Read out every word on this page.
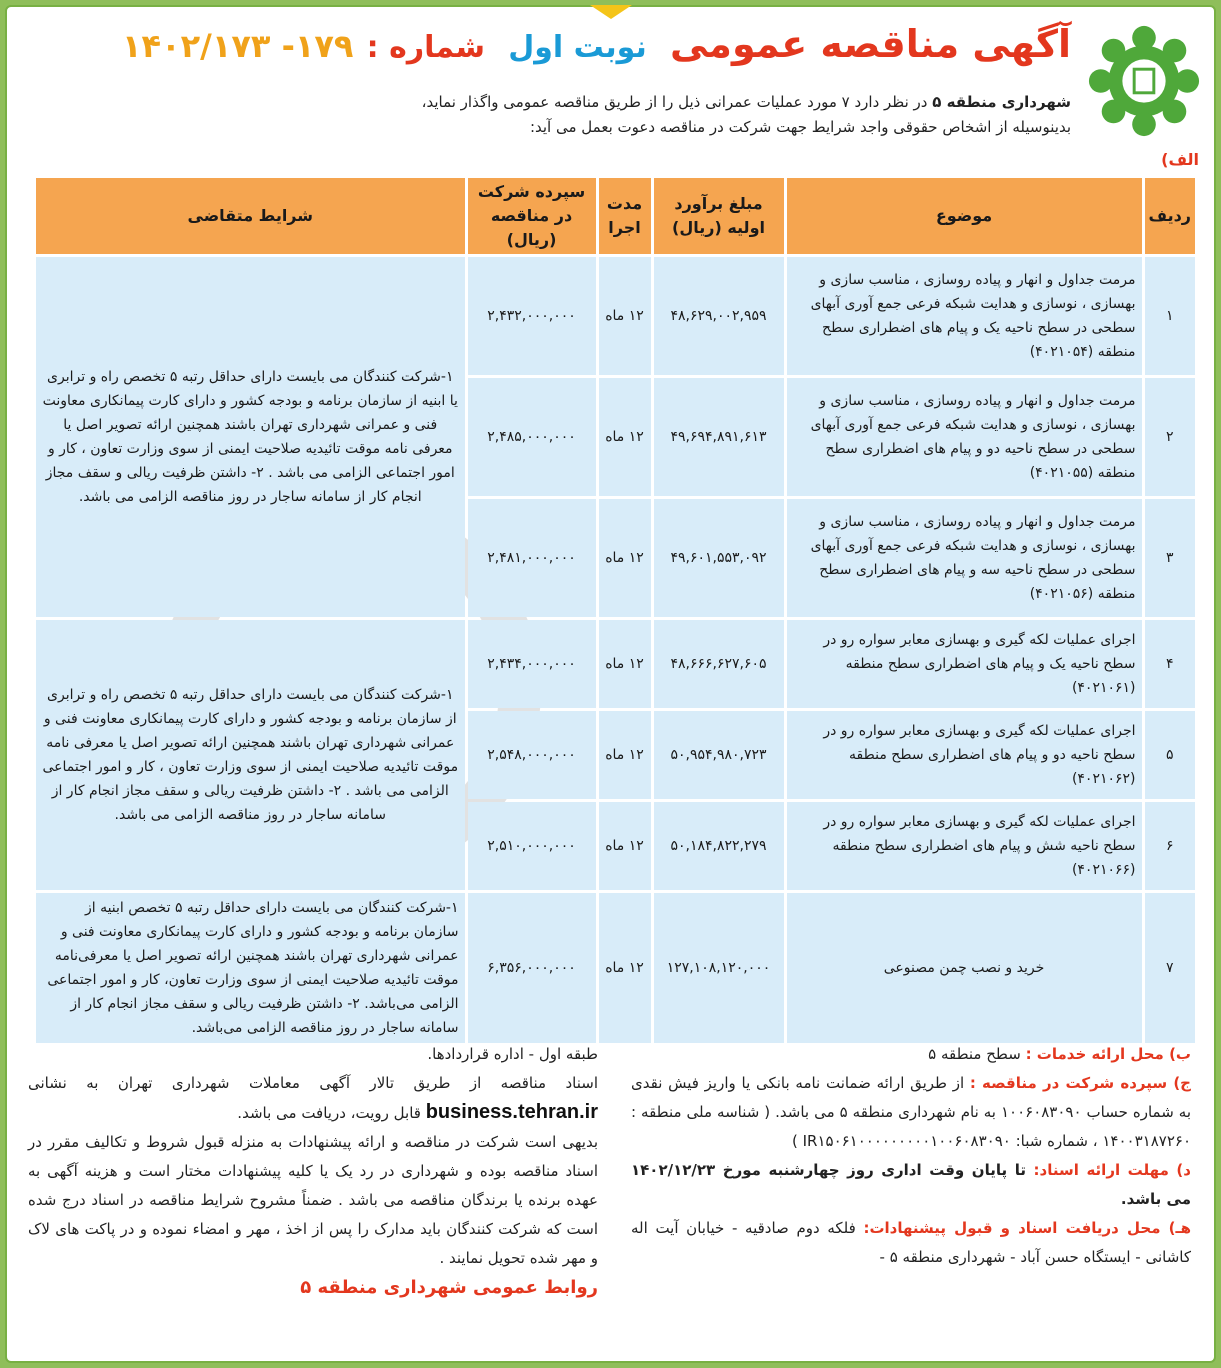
آگهی مناقصه عمومی نوبت اول شماره : ۱۷۹- ۱۴۰۲/۱۷۳
شهرداری منطقه ۵ در نظر دارد ۷ مورد عملیات عمرانی ذیل را از طریق مناقصه عمومی واگذار نماید،
بدینوسیله از اشخاص حقوقی واجد شرایط جهت شرکت در مناقصه دعوت بعمل می آید:
الف)
ردیف	موضوع	مبلغ برآورد اولیه (ریال)	مدت اجرا	سپرده شرکت در مناقصه (ریال)	شرایط متقاضی
۱	مرمت جداول و انهار و پیاده روسازی ، مناسب سازی و بهسازی ، نوسازی و هدایت شبکه فرعی جمع آوری آبهای سطحی در سطح ناحیه یک و پیام های اضطراری سطح منطقه (۴۰۲۱۰۵۴)	۴۸,۶۲۹,۰۰۲,۹۵۹	۱۲ ماه	۲,۴۳۲,۰۰۰,۰۰۰	۱-شرکت کنندگان می بایست دارای حداقل رتبه ۵ تخصص راه و ترابری یا ابنیه از سازمان برنامه و بودجه کشور و دارای کارت پیمانکاری معاونت فنی و عمرانی شهرداری تهران باشند همچنین ارائه تصویر اصل یا معرفی نامه موقت تائیدیه صلاحیت ایمنی از سوی وزارت تعاون ، کار و امور اجتماعی الزامی می باشد . ۲- داشتن ظرفیت ریالی و سقف مجاز انجام کار از سامانه ساجار در روز مناقصه الزامی می باشد.
۲	مرمت جداول و انهار و پیاده روسازی ، مناسب سازی و بهسازی ، نوسازی و هدایت شبکه فرعی جمع آوری آبهای سطحی در سطح ناحیه دو و پیام های اضطراری سطح منطقه (۴۰۲۱۰۵۵)	۴۹,۶۹۴,۸۹۱,۶۱۳	۱۲ ماه	۲,۴۸۵,۰۰۰,۰۰۰	
۳	مرمت جداول و انهار و پیاده روسازی ، مناسب سازی و بهسازی ، نوسازی و هدایت شبکه فرعی جمع آوری آبهای سطحی در سطح ناحیه سه و پیام های اضطراری سطح منطقه (۴۰۲۱۰۵۶)	۴۹,۶۰۱,۵۵۳,۰۹۲	۱۲ ماه	۲,۴۸۱,۰۰۰,۰۰۰	
۴	اجرای عملیات لکه گیری و بهسازی معابر سواره رو در سطح ناحیه یک و پیام های اضطراری سطح منطقه (۴۰۲۱۰۶۱)	۴۸,۶۶۶,۶۲۷,۶۰۵	۱۲ ماه	۲,۴۳۴,۰۰۰,۰۰۰	۱-شرکت کنندگان می بایست دارای حداقل رتبه ۵ تخصص راه و ترابری از سازمان برنامه و بودجه کشور و دارای کارت پیمانکاری معاونت فنی و عمرانی شهرداری تهران باشند همچنین ارائه تصویر اصل یا معرفی نامه موقت تائیدیه صلاحیت ایمنی از سوی وزارت تعاون ، کار و امور اجتماعی الزامی می باشد . ۲- داشتن ظرفیت ریالی و سقف مجاز انجام کار از سامانه ساجار در روز مناقصه الزامی می باشد.
۵	اجرای عملیات لکه گیری و بهسازی معابر سواره رو در سطح ناحیه دو و پیام های اضطراری سطح منطقه (۴۰۲۱۰۶۲)	۵۰,۹۵۴,۹۸۰,۷۲۳	۱۲ ماه	۲,۵۴۸,۰۰۰,۰۰۰	
۶	اجرای عملیات لکه گیری و بهسازی معابر سواره رو در سطح ناحیه شش و پیام های اضطراری سطح منطقه (۴۰۲۱۰۶۶)	۵۰,۱۸۴,۸۲۲,۲۷۹	۱۲ ماه	۲,۵۱۰,۰۰۰,۰۰۰	
۷	خرید و نصب چمن مصنوعی	۱۲۷,۱۰۸,۱۲۰,۰۰۰	۱۲ ماه	۶,۳۵۶,۰۰۰,۰۰۰	۱-شرکت کنندگان می بایست دارای حداقل رتبه ۵ تخصص ابنیه از سازمان برنامه و بودجه کشور و دارای کارت پیمانکاری معاونت فنی و عمرانی شهرداری تهران باشند همچنین ارائه تصویر اصل یا معرفی‌نامه موقت تائیدیه صلاحیت ایمنی از سوی وزارت تعاون، کار و امور اجتماعی الزامی می‌باشد. ۲- داشتن ظرفیت ریالی و سقف مجاز انجام کار از سامانه ساجار در روز مناقصه الزامی می‌باشد.
ب) محل ارائه خدمات : سطح منطقه ۵
ج) سپرده شرکت در مناقصه : از طریق ارائه ضمانت نامه بانکی یا واریز فیش نقدی به شماره حساب ۱۰۰۶۰۸۳۰۹۰ به نام شهرداری منطقه ۵ می باشد. ( شناسه ملی منطقه : ۱۴۰۰۳۱۸۷۲۶۰ ، شماره شبا: IR۱۵۰۶۱۰۰۰۰۰۰۰۰۰۱۰۰۶۰۸۳۰۹۰ )
د) مهلت ارائه اسناد: تا پایان وقت اداری روز چهارشنبه مورخ ۱۴۰۲/۱۲/۲۳ می باشد.
هـ) محل دریافت اسناد و قبول پیشنهادات: فلکه دوم صادقیه - خیابان آیت اله کاشانی - ایستگاه حسن آباد - شهرداری منطقه ۵ -
طبقه اول - اداره قراردادها.
اسناد مناقصه از طریق تالار آگهی معاملات شهرداری تهران به نشانی business.tehran.ir قابل رویت، دریافت می باشد.
بدیهی است شرکت در مناقصه و ارائه پیشنهادات به منزله قبول شروط و تکالیف مقرر در اسناد مناقصه بوده و شهرداری در رد یک یا کلیه پیشنهادات مختار است و هزینه آگهی به عهده برنده یا برندگان مناقصه می باشد . ضمناً مشروح شرایط مناقصه در اسناد درج شده است که شرکت کنندگان باید مدارک را پس از اخذ ، مهر و امضاء نموده و در پاکت های لاک و مهر شده تحویل نمایند .
روابط عمومی شهرداری منطقه ۵
